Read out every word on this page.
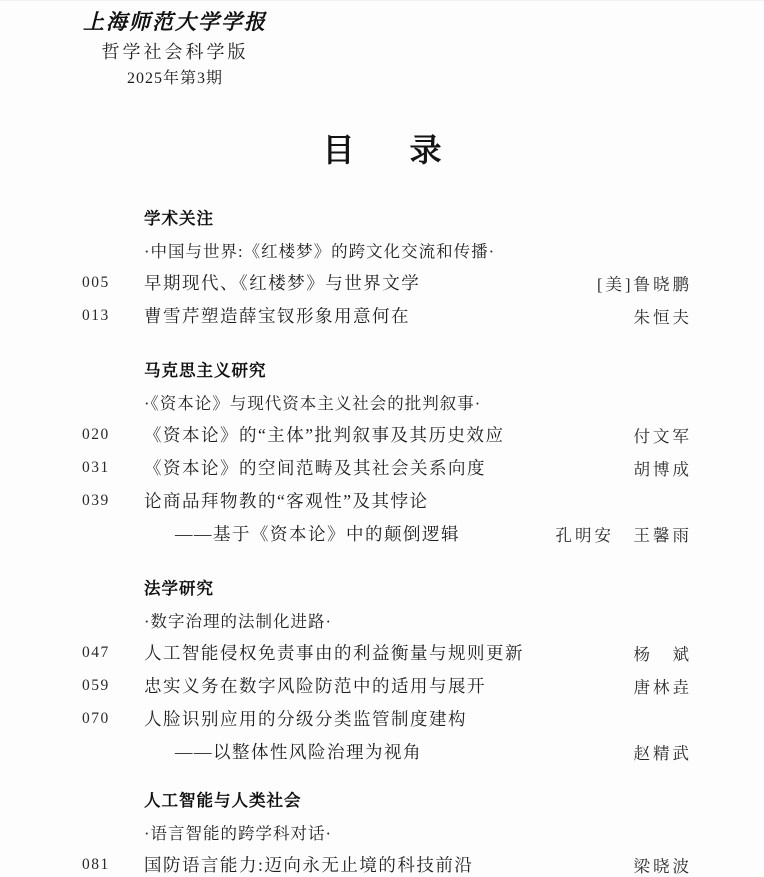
上海师范大学学报
哲学社会科学版
2025年第3期
目 录
学术关注
·中国与世界:《红楼梦》的跨文化交流和传播·
005	早期现代、《红楼梦》与世界文学	[美]鲁晓鹏
013	曹雪芹塑造薛宝钗形象用意何在	朱恒夫
马克思主义研究
·《资本论》与现代资本主义社会的批判叙事·
020	《资本论》的“主体”批判叙事及其历史效应	付文军
031	《资本论》的空间范畴及其社会关系向度	胡博成
039	论商品拜物教的“客观性”及其悖论
——基于《资本论》中的颠倒逻辑	孔明安　王馨雨
法学研究
·数字治理的法制化进路·
047	人工智能侵权免责事由的利益衡量与规则更新	杨　斌
059	忠实义务在数字风险防范中的适用与展开	唐林垚
070	人脸识别应用的分级分类监管制度建构
——以整体性风险治理为视角	赵精武
人工智能与人类社会
·语言智能的跨学科对话·
081	国防语言能力:迈向永无止境的科技前沿	梁晓波
